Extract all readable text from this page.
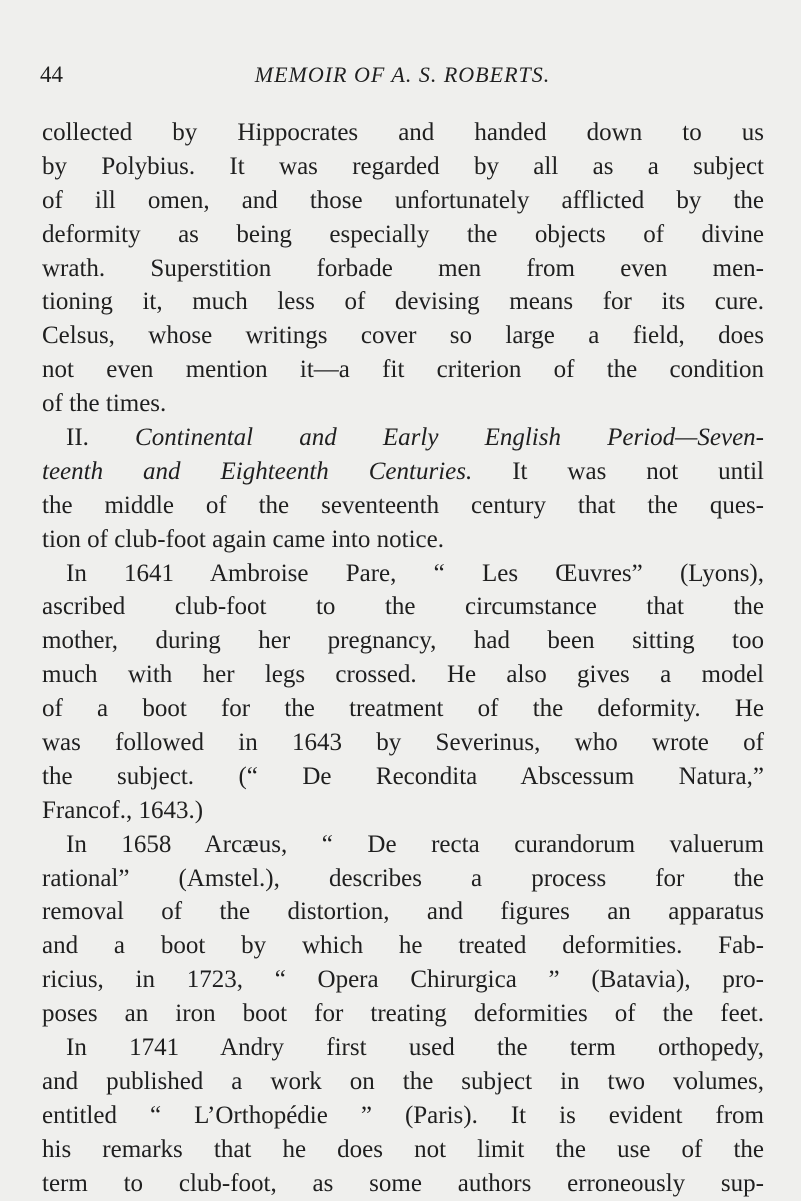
44	MEMOIR OF A. S. ROBERTS.
collected by Hippocrates and handed down to us
by Polybius. It was regarded by all as a subject
of ill omen, and those unfortunately afflicted by the
deformity as being especially the objects of divine
wrath. Superstition forbade men from even men-
tioning it, much less of devising means for its cure.
Celsus, whose writings cover so large a field, does
not even mention it—a fit criterion of the condition
of the times.
II. Continental and Early English Period—Seven-
teenth and Eighteenth Centuries. It was not until
the middle of the seventeenth century that the ques-
tion of club-foot again came into notice.
In 1641 Ambroise Pare, “ Les Œuvres” (Lyons),
ascribed club-foot to the circumstance that the
mother, during her pregnancy, had been sitting too
much with her legs crossed. He also gives a model
of a boot for the treatment of the deformity. He
was followed in 1643 by Severinus, who wrote of
the subject. (“ De Recondita Abscessum Natura,”
Francof., 1643.)
In 1658 Arcæus, “ De recta curandorum valuerum
rational” (Amstel.), describes a process for the
removal of the distortion, and figures an apparatus
and a boot by which he treated deformities. Fab-
ricius, in 1723, “ Opera Chirurgica ” (Batavia), pro-
poses an iron boot for treating deformities of the feet.
In 1741 Andry first used the term orthopedy,
and published a work on the subject in two volumes,
entitled “ L’Orthopédie ” (Paris). It is evident from
his remarks that he does not limit the use of the
term to club-foot, as some authors erroneously sup-
